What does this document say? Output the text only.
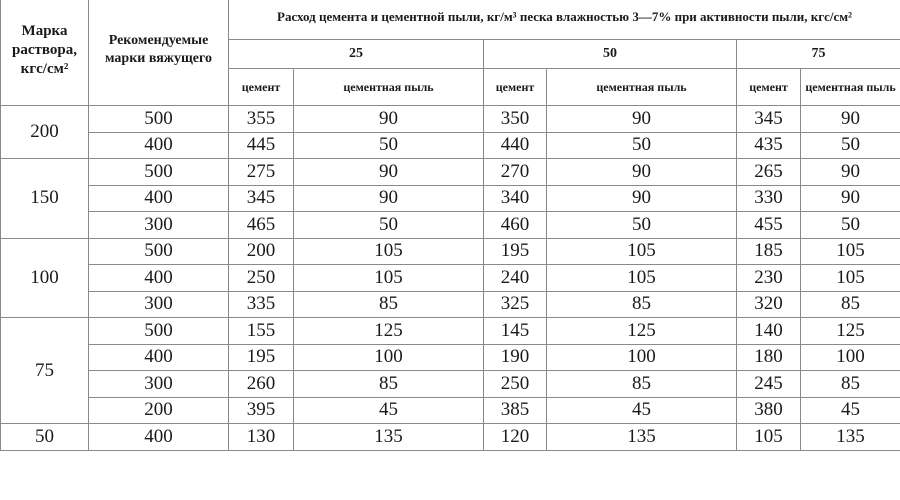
Марка раствора, кгс/см²	Рекомендуемые марки вяжущего	Расход цемента и цементной пыли, кг/м³ песка влажностью 3—7% при активности пыли, кгс/см²					
		25		50		75	
		цемент	цементная пыль	цемент	цементная пыль	цемент	цементная пыль
200	500	355	90	350	90	345	90
	400	445	50	440	50	435	50
150	500	275	90	270	90	265	90
	400	345	90	340	90	330	90
	300	465	50	460	50	455	50
100	500	200	105	195	105	185	105
	400	250	105	240	105	230	105
	300	335	85	325	85	320	85
75	500	155	125	145	125	140	125
	400	195	100	190	100	180	100
	300	260	85	250	85	245	85
	200	395	45	385	45	380	45
50	400	130	135	120	135	105	135
